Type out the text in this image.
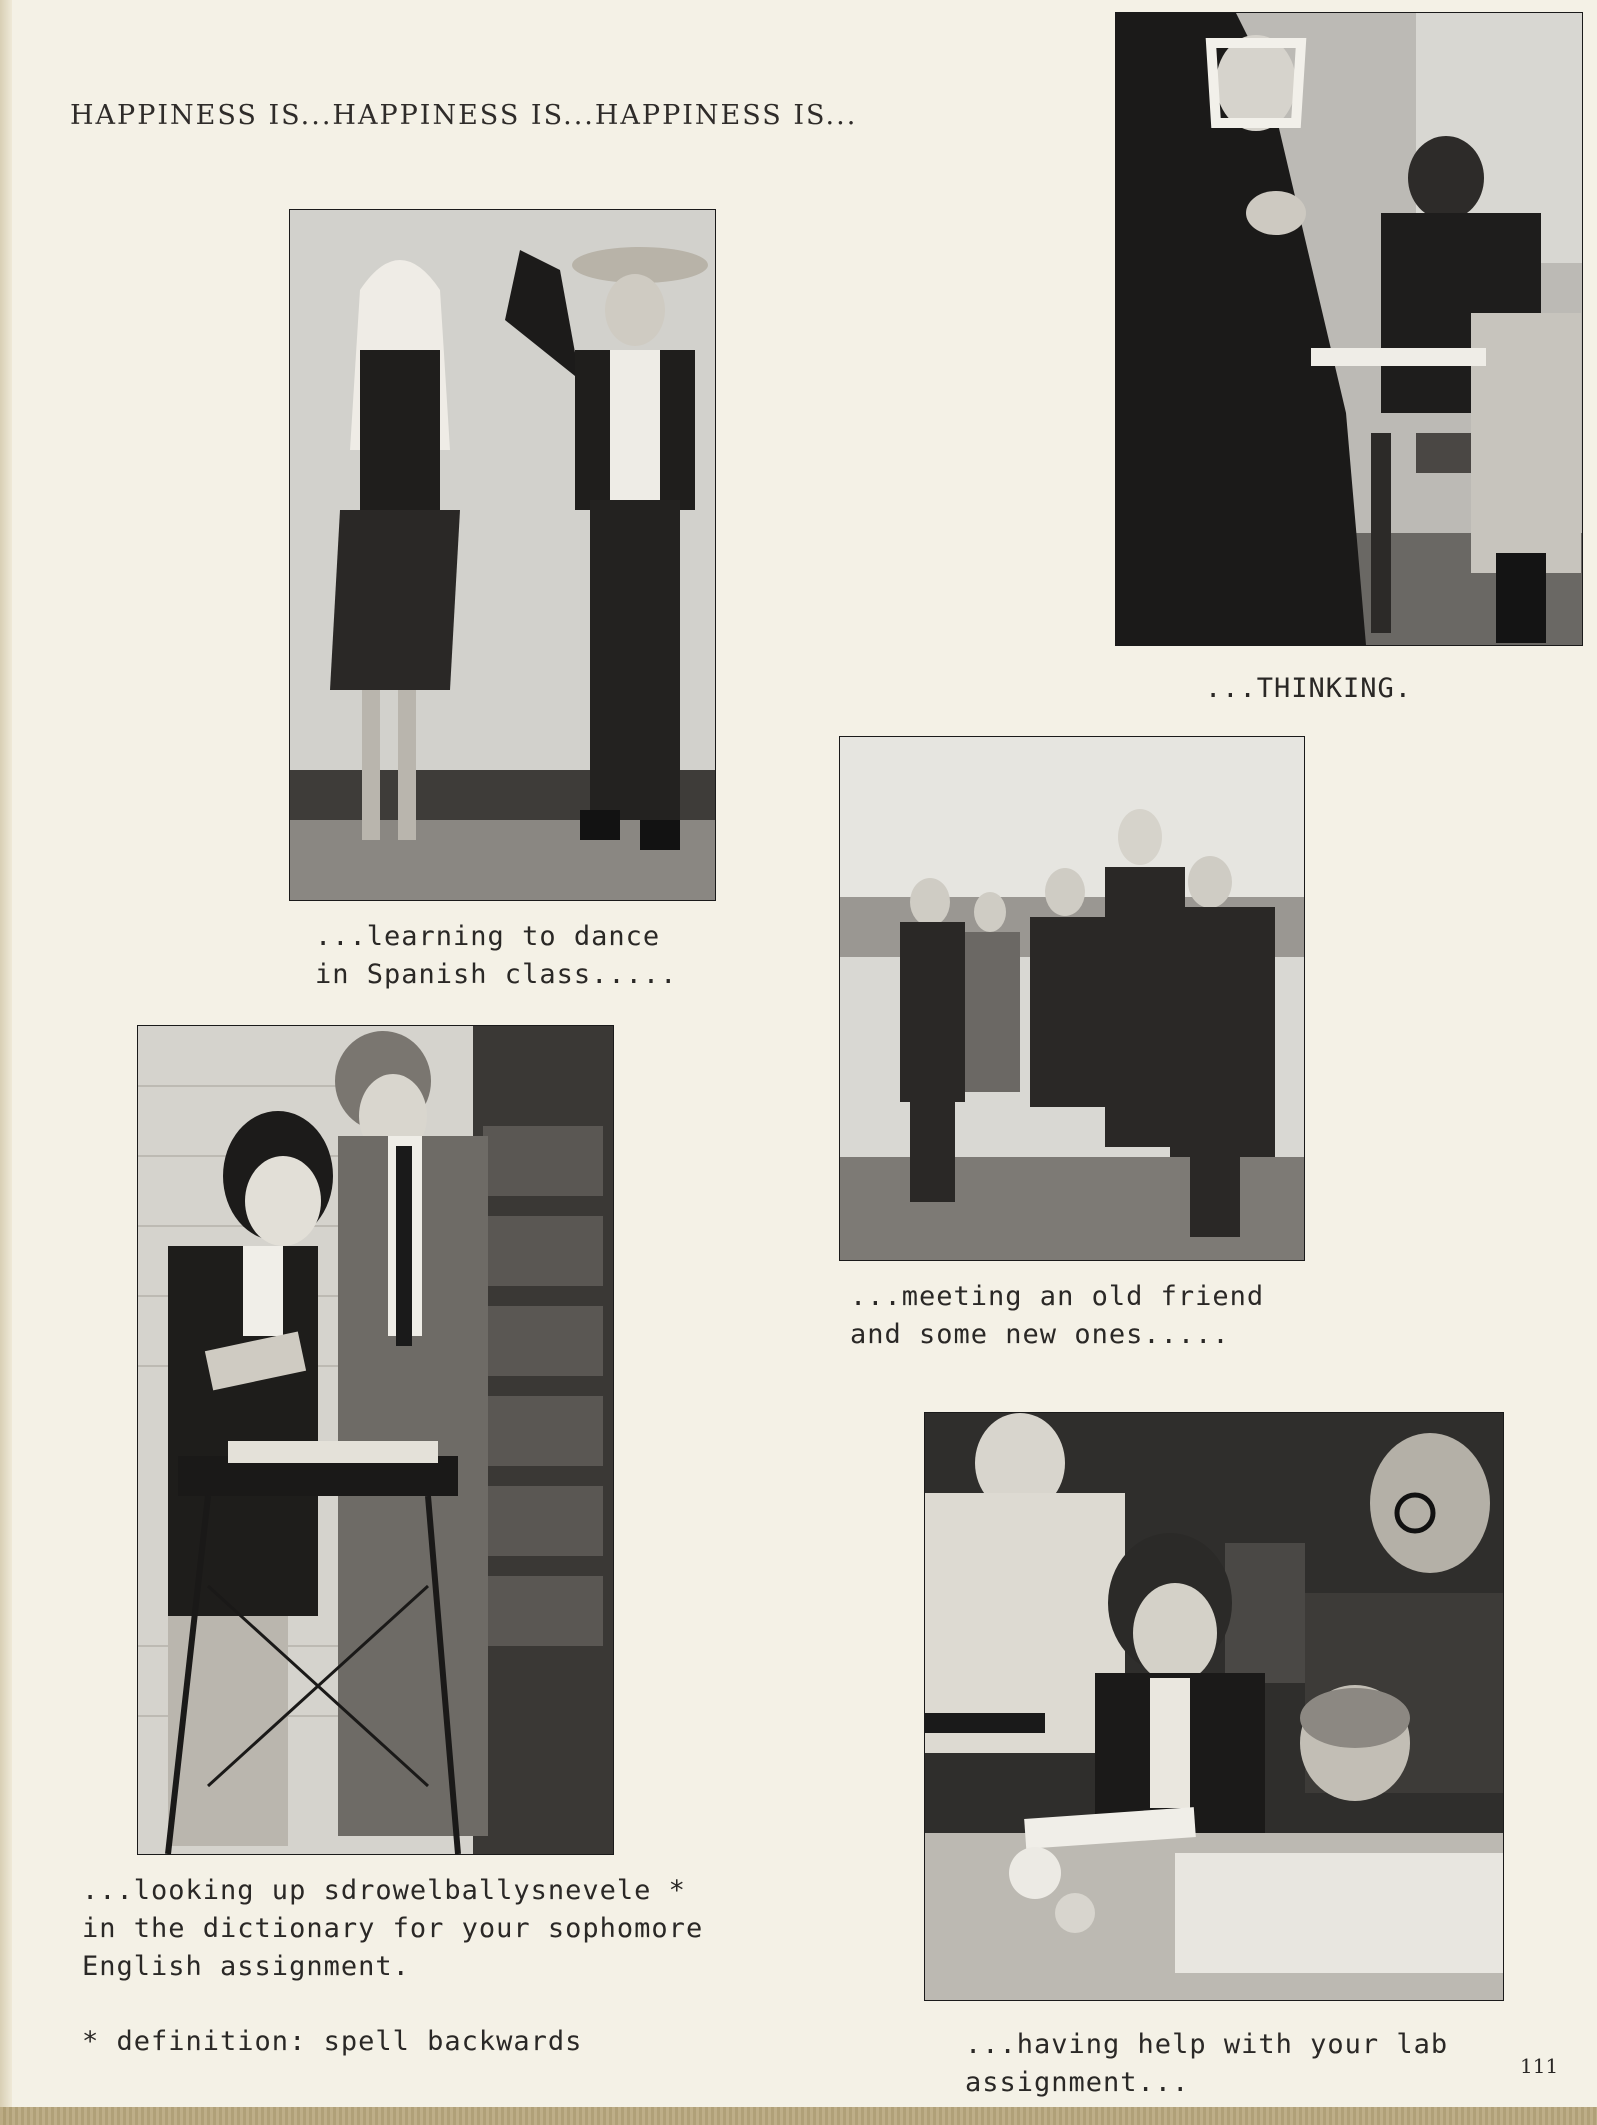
HAPPINESS IS...HAPPINESS IS...HAPPINESS IS...
...THINKING.
...learning to dance
in Spanish class.....
...meeting an old friend
and some new ones.....
...looking up sdrowelballysnevele *
in the dictionary for your sophomore
English assignment.
...having help with your lab
assignment...
* definition: spell backwards
111
